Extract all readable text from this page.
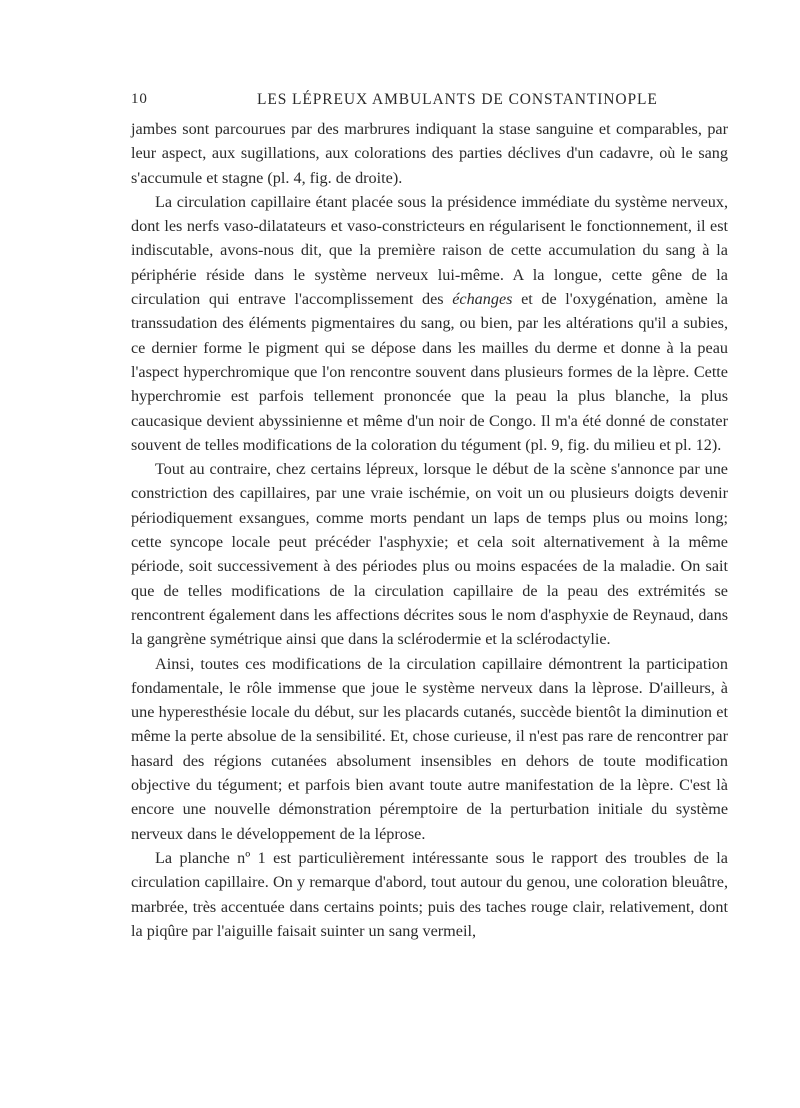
10	LES LÉPREUX AMBULANTS DE CONSTANTINOPLE

jambes sont parcourues par des marbrures indiquant la stase sanguine et comparables, par leur aspect, aux sugillations, aux colorations des parties déclives d'un cadavre, où le sang s'accumule et stagne (pl. 4, fig. de droite).

La circulation capillaire étant placée sous la présidence immédiate du système nerveux, dont les nerfs vaso-dilatateurs et vaso-constricteurs en régularisent le fonctionnement, il est indiscutable, avons-nous dit, que la première raison de cette accumulation du sang à la périphérie réside dans le système nerveux lui-même. A la longue, cette gêne de la circulation qui entrave l'accomplissement des échanges et de l'oxygénation, amène la transsudation des éléments pigmentaires du sang, ou bien, par les altérations qu'il a subies, ce dernier forme le pigment qui se dépose dans les mailles du derme et donne à la peau l'aspect hyperchromique que l'on rencontre souvent dans plusieurs formes de la lèpre. Cette hyperchromie est parfois tellement prononcée que la peau la plus blanche, la plus caucasique devient abyssinienne et même d'un noir de Congo. Il m'a été donné de constater souvent de telles modifications de la coloration du tégument (pl. 9, fig. du milieu et pl. 12).

Tout au contraire, chez certains lépreux, lorsque le début de la scène s'annonce par une constriction des capillaires, par une vraie ischémie, on voit un ou plusieurs doigts devenir périodiquement exsangues, comme morts pendant un laps de temps plus ou moins long; cette syncope locale peut précéder l'asphyxie; et cela soit alternativement à la même période, soit successivement à des périodes plus ou moins espacées de la maladie. On sait que de telles modifications de la circulation capillaire de la peau des extrémités se rencontrent également dans les affections décrites sous le nom d'asphyxie de Reynaud, dans la gangrène symétrique ainsi que dans la sclérodermie et la sclérodactylie.

Ainsi, toutes ces modifications de la circulation capillaire démontrent la participation fondamentale, le rôle immense que joue le système nerveux dans la lèprose. D'ailleurs, à une hyperesthésie locale du début, sur les placards cutanés, succède bientôt la diminution et même la perte absolue de la sensibilité. Et, chose curieuse, il n'est pas rare de rencontrer par hasard des régions cutanées absolument insensibles en dehors de toute modification objective du tégument; et parfois bien avant toute autre manifestation de la lèpre. C'est là encore une nouvelle démonstration péremptoire de la perturbation initiale du système nerveux dans le développement de la léprose.

La planche nº 1 est particulièrement intéressante sous le rapport des troubles de la circulation capillaire. On y remarque d'abord, tout autour du genou, une coloration bleuâtre, marbrée, très accentuée dans certains points; puis des taches rouge clair, relativement, dont la piqûre par l'aiguille faisait suinter un sang vermeil,
